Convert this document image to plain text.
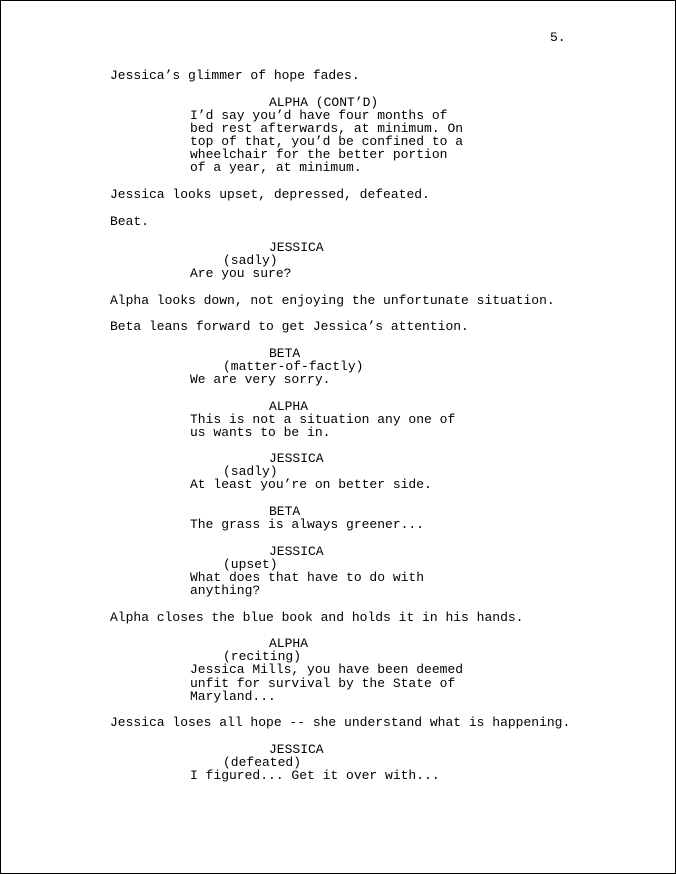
5.
Jessica’s glimmer of hope fades.
ALPHA (CONT’D)
I’d say you’d have four months of
bed rest afterwards, at minimum. On
top of that, you’d be confined to a
wheelchair for the better portion
of a year, at minimum.
Jessica looks upset, depressed, defeated.
Beat.
JESSICA
(sadly)
Are you sure?
Alpha looks down, not enjoying the unfortunate situation.
Beta leans forward to get Jessica’s attention.
BETA
(matter-of-factly)
We are very sorry.
ALPHA
This is not a situation any one of
us wants to be in.
JESSICA
(sadly)
At least you’re on better side.
BETA
The grass is always greener...
JESSICA
(upset)
What does that have to do with
anything?
Alpha closes the blue book and holds it in his hands.
ALPHA
(reciting)
Jessica Mills, you have been deemed
unfit for survival by the State of
Maryland...
Jessica loses all hope -- she understand what is happening.
JESSICA
(defeated)
I figured... Get it over with...
